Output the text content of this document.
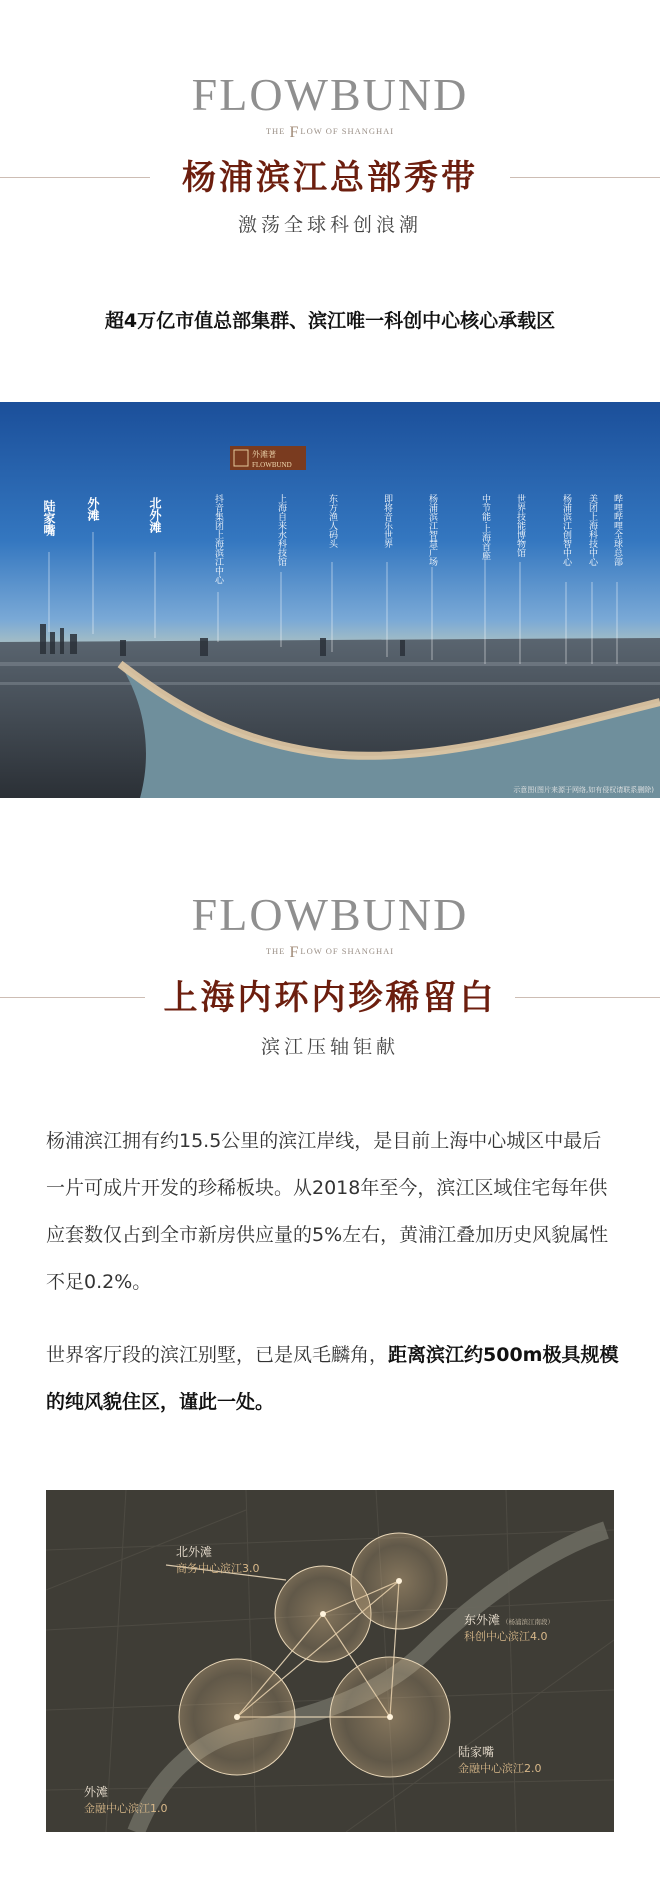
FLOWBUND
THE FLOW OF SHANGHAI
杨浦滨江总部秀带
激荡全球科创浪潮
超4万亿市值总部集群、滨江唯一科创中心核心承载区
陆家嘴	外滩	北外滩	抖音集团上海滨江中心	上海自来水科技馆	东方渔人码头	即将音乐世界	杨浦滨江智慧广场	中节能·上海首座	世界技能博物馆	杨浦滨江创智中心 美团上海科技中心 哔哩哔哩全球总部
外滩著
FLOWBUND
示意图(图片来源于网络,如有侵权请联系删除)
FLOWBUND
THE FLOW OF SHANGHAI
上海内环内珍稀留白
滨江压轴钜献

杨浦滨江拥有约15.5公里的滨江岸线，是目前上海中心城区中最后一片可成片开发的珍稀板块。从2018年至今，滨江区域住宅每年供应套数仅占到全市新房供应量的5%左右，黄浦江叠加历史风貌属性不足0.2%。

世界客厅段的滨江别墅，已是凤毛麟角，距离滨江约500m极具规模的纯风貌住区，谨此一处。

北外滩
商务中心滨江3.0
东外滩 （杨浦滨江南段）
科创中心滨江4.0
外滩
金融中心滨江1.0
陆家嘴
金融中心滨江2.0
